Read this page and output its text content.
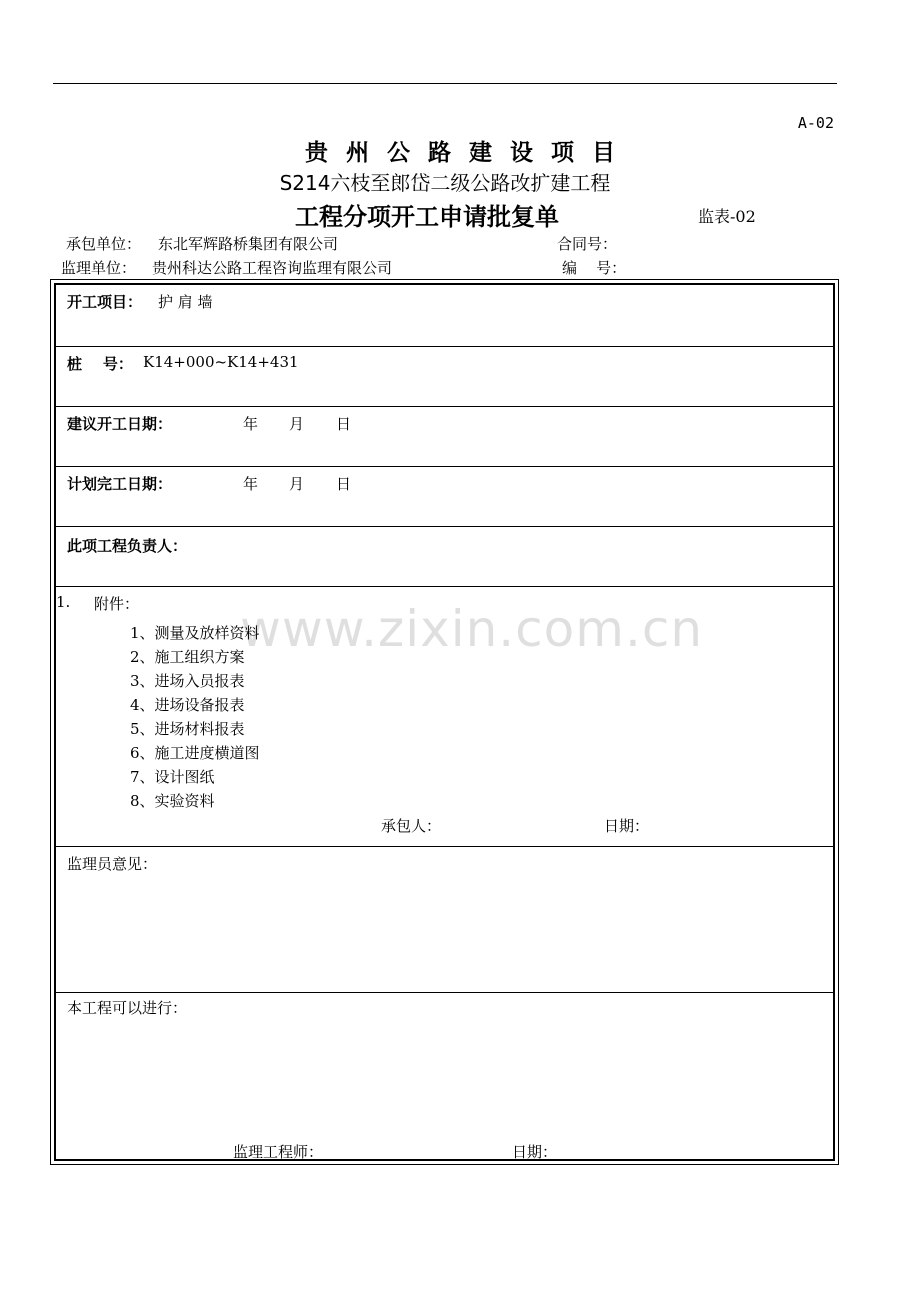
A-02
贵州公路建设项目
S214六枝至郎岱二级公路改扩建工程
工程分项开工申请批复单	监表-02
承包单位： 东北军辉路桥集团有限公司	合同号：
监理单位： 贵州科达公路工程咨询监理有限公司	编    号：
开工项目： 护 肩 墙
桩    号： K14+000~K14+431
建议开工日期：	年 月 日
计划完工日期：	年 月 日
此项工程负责人：
1. 附件：
1、测量及放样资料
2、施工组织方案
3、进场入员报表
4、进场设备报表
5、进场材料报表
6、施工进度横道图
7、设计图纸
8、实验资料
承包人：	日期：
监理员意见：
本工程可以进行：
监理工程师：	日期：
www.zixin.com.cn
